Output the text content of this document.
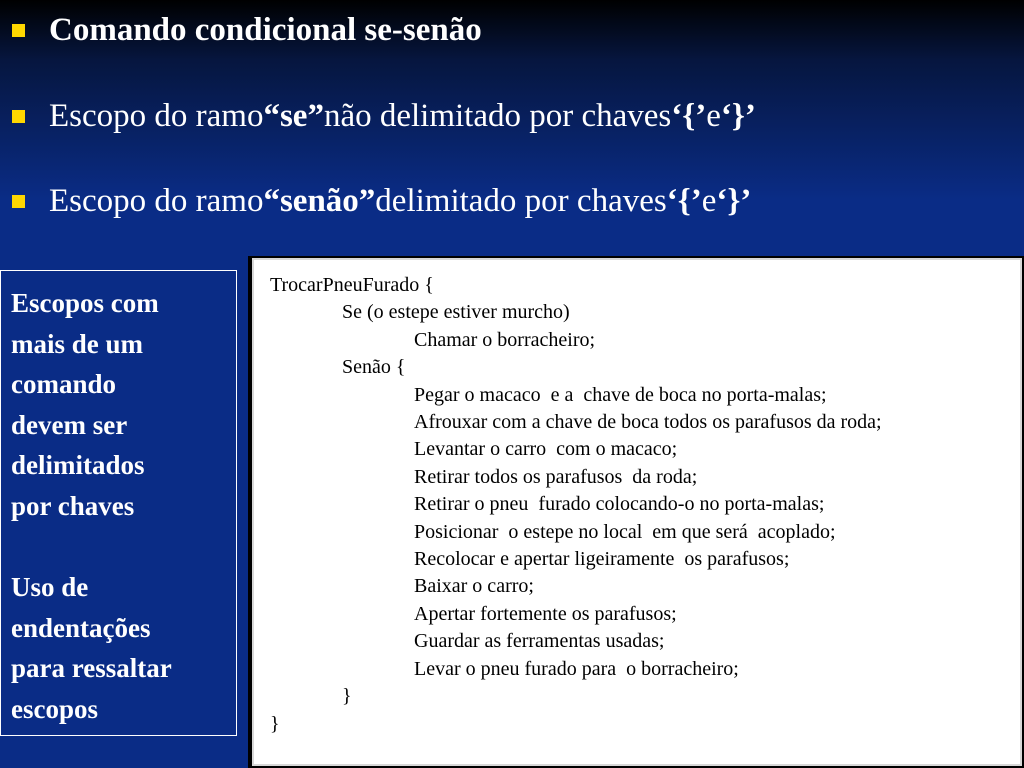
Comando condicional se-senão
Escopo do ramo “se” não delimitado por chaves ‘{’ e ‘}’
Escopo do ramo “senão” delimitado por chaves ‘{’ e ‘}’

Escopos com
mais de um
comando
devem ser
delimitados
por chaves

Uso de
endentações
para ressaltar
escopos

TrocarPneuFurado {
Se (o estepe estiver murcho)
Chamar o borracheiro;
Senão {
Pegar o macaco  e a  chave de boca no porta-malas;
Afrouxar com a chave de boca todos os parafusos da roda;
Levantar o carro  com o macaco;
Retirar todos os parafusos  da roda;
Retirar o pneu  furado colocando-o no porta-malas;
Posicionar  o estepe no local  em que será  acoplado;
Recolocar e apertar ligeiramente  os parafusos;
Baixar o carro;
Apertar fortemente os parafusos;
Guardar as ferramentas usadas;
Levar o pneu furado para  o borracheiro;
}
}
